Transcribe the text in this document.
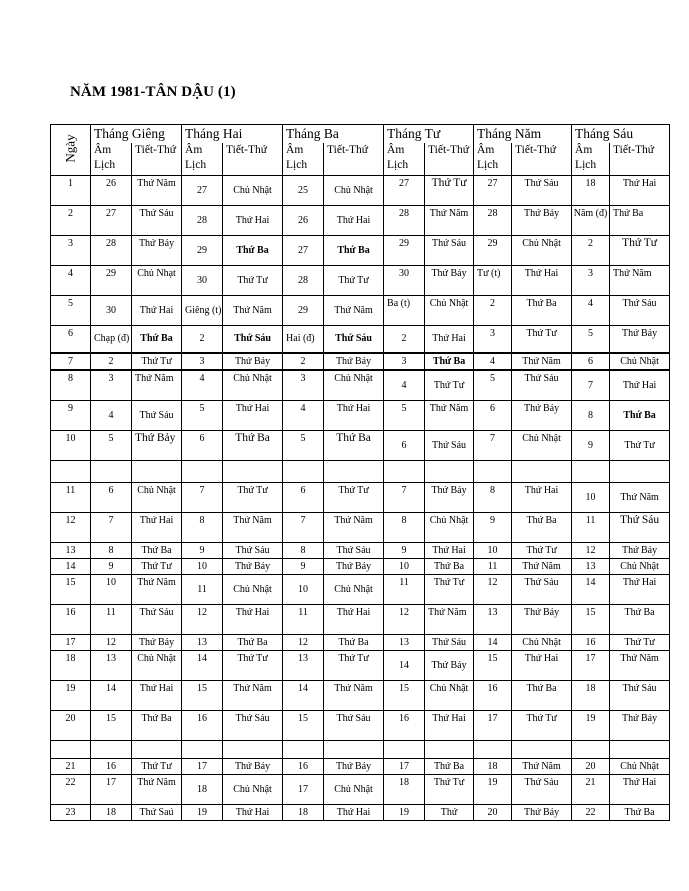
NĂM 1981-TÂN DẬU (1)
Ngày	Tháng Giêng		Tháng Hai		Tháng Ba		Tháng Tư		Tháng Năm		Tháng Sáu	
	Âm Lịch	Tiết-Thứ	Âm Lịch	Tiết-Thứ	Âm Lịch	Tiết-Thứ	Âm Lịch	Tiết-Thứ	Âm Lịch	Tiết-Thứ	Âm Lịch	Tiết-Thứ
1	26	Thứ Năm	27	Chủ Nhật	25	Chủ Nhật	27	Thứ Tư	27	Thứ Sáu	18	Thứ Hai
2	27	Thứ Sáu	28	Thứ Hai	26	Thứ Hai	28	Thứ Năm	28	Thứ Bảy	Năm (đ)	Thứ Ba
3	28	Thứ Bảy	29	Thứ Ba	27	Thứ Ba	29	Thứ Sáu	29	Chủ Nhật	2	Thứ Tư
4	29	Chủ Nhạt	30	Thứ Tư	28	Thứ Tư	30	Thứ Bảy	Tư (t)	Thứ Hai	3	Thứ Năm
5	30	Thứ Hai	Giêng (t)	Thứ Năm	29	Thứ Năm	Ba (t)	Chủ Nhật	2	Thứ Ba	4	Thứ Sáu
6	Chạp (đ)	Thứ Ba	2	Thứ Sáu	Hai (đ)	Thứ Sáu	2	Thứ Hai	3	Thứ Tư	5	Thứ Bảy
7	2	Thứ Tư	3	Thứ Bảy	2	Thứ Bảy	3	Thứ Ba	4	Thứ Năm	6	Chủ Nhật
8	3	Thứ Năm	4	Chủ Nhật	3	Chủ Nhật	4	Thứ Tư	5	Thứ Sáu	7	Thứ Hai
9	4	Thứ Sáu	5	Thứ Hai	4	Thứ Hai	5	Thứ Năm	6	Thứ Bảy	8	Thứ Ba
10	5	Thứ Bảy	6	Thứ Ba	5	Thứ Ba	6	Thứ Sáu	7	Chủ Nhật	9	Thứ Tư

11	6	Chủ Nhật	7	Thứ Tư	6	Thứ Tư	7	Thứ Bảy	8	Thứ Hai	10	Thứ Năm
12	7	Thứ Hai	8	Thứ Năm	7	Thứ Năm	8	Chủ Nhật	9	Thứ Ba	11	Thứ Sáu
13	8	Thứ Ba	9	Thứ Sáu	8	Thứ Sáu	9	Thứ Hai	10	Thứ Tư	12	Thứ Bảy
14	9	Thứ Tư	10	Thứ Bảy	9	Thứ Bảy	10	Thứ Ba	11	Thứ Năm	13	Chủ Nhật
15	10	Thứ Năm	11	Chủ Nhật	10	Chủ Nhật	11	Thứ Tư	12	Thứ Sáu	14	Thứ Hai
16	11	Thứ Sáu	12	Thứ Hai	11	Thứ Hai	12	Thứ Năm	13	Thứ Bảy	15	Thứ Ba
17	12	Thứ Bảy	13	Thứ Ba	12	Thứ Ba	13	Thứ Sáu	14	Chủ Nhật	16	Thứ Tư
18	13	Chủ Nhật	14	Thứ Tư	13	Thứ Tư	14	Thứ Bảy	15	Thứ Hai	17	Thứ Năm
19	14	Thứ Hai	15	Thứ Năm	14	Thứ Năm	15	Chủ Nhật	16	Thứ Ba	18	Thứ Sáu
20	15	Thứ Ba	16	Thứ Sáu	15	Thứ Sáu	16	Thứ Hai	17	Thứ Tư	19	Thứ Bảy

21	16	Thứ Tư	17	Thứ Bảy	16	Thứ Bảy	17	Thứ Ba	18	Thứ Năm	20	Chủ Nhật
22	17	Thứ Năm	18	Chủ Nhật	17	Chủ Nhật	18	Thứ Tư	19	Thứ Sáu	21	Thứ Hai
23	18	Thứ Saú	19	Thứ Hai	18	Thứ Hai	19	Thứ	20	Thứ Bảy	22	Thứ Ba
